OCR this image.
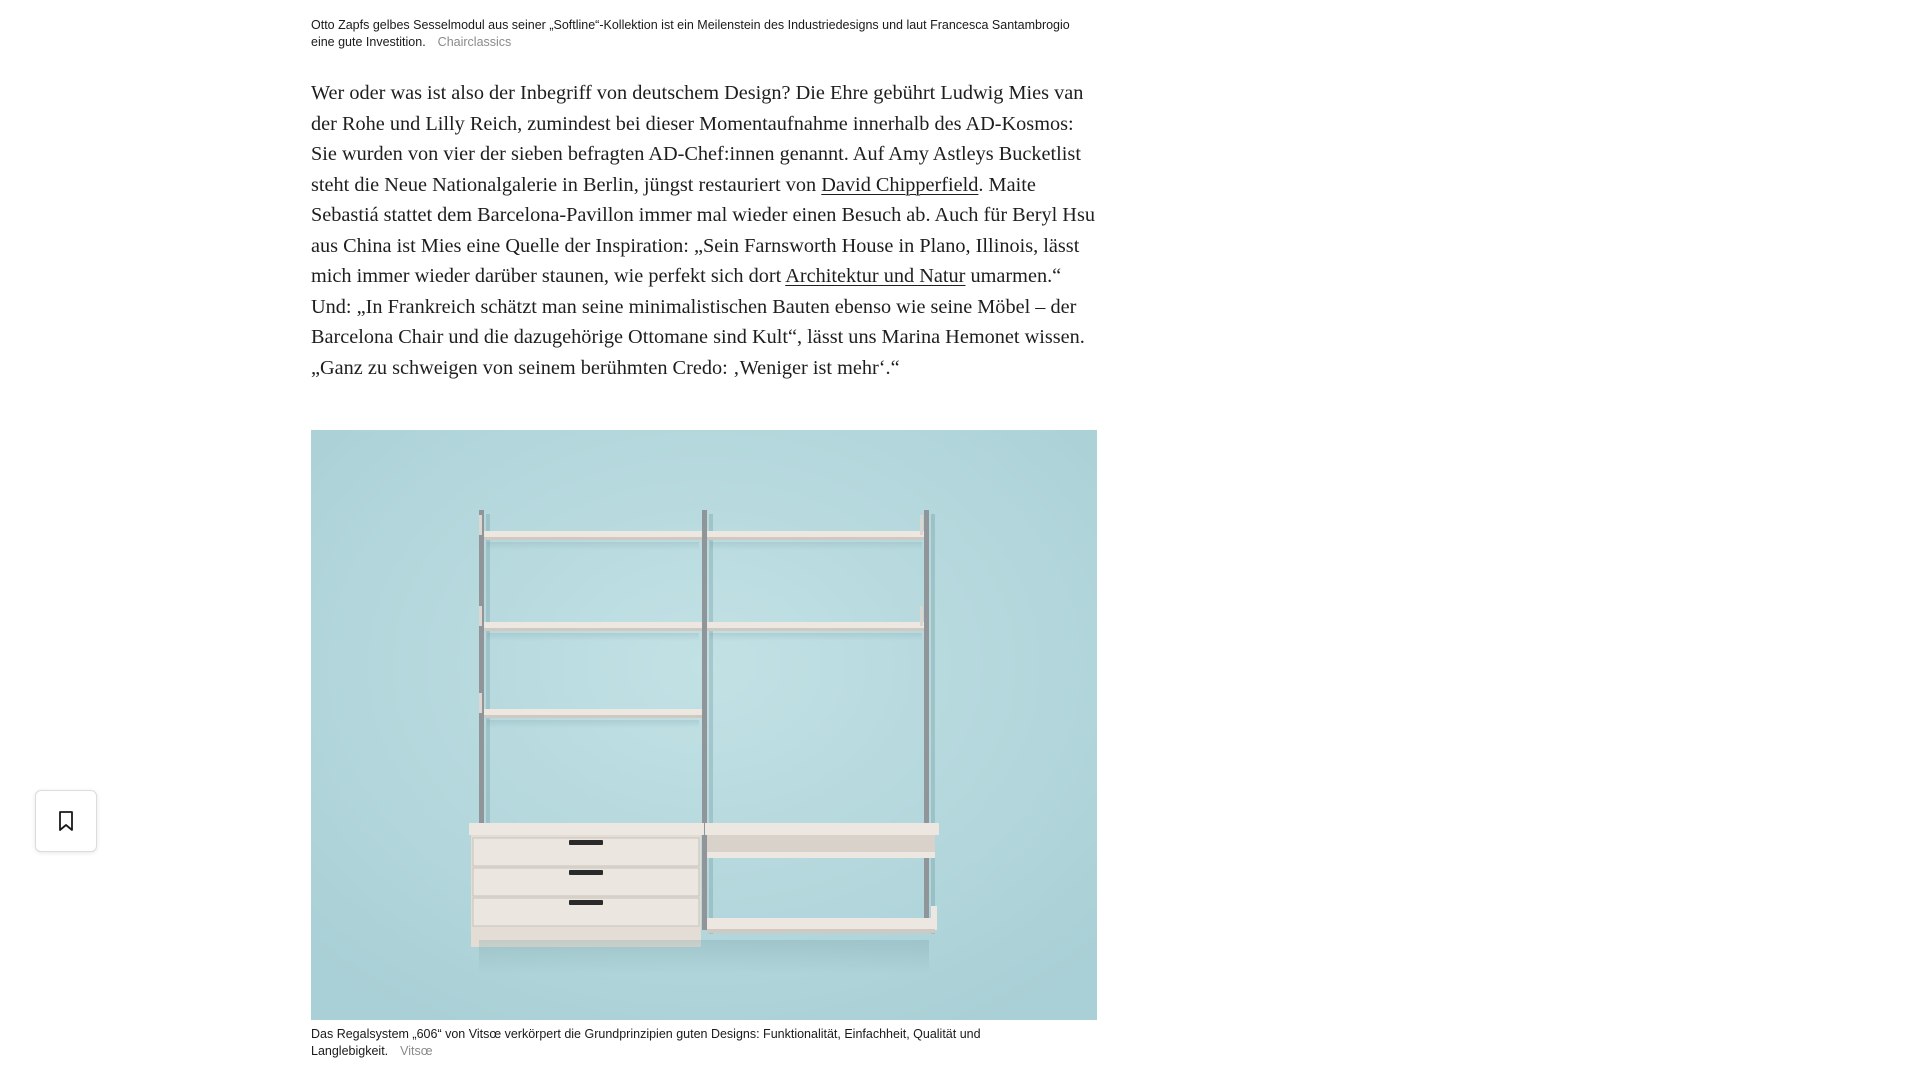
Otto Zapfs gelbes Sesselmodul aus seiner „Softline“-Kollektion ist ein Meilenstein des Industriedesigns und laut Francesca Santambrogio eine gute Investition. Chairclassics

Wer oder was ist also der Inbegriff von deutschem Design? Die Ehre gebührt Ludwig Mies van der Rohe und Lilly Reich, zumindest bei dieser Momentaufnahme innerhalb des AD-Kosmos: Sie wurden von vier der sieben befragten AD-Chef:innen genannt. Auf Amy Astleys Bucketlist steht die Neue Nationalgalerie in Berlin, jüngst restauriert von David Chipperfield. Maite Sebastiá stattet dem Barcelona-Pavillon immer mal wieder einen Besuch ab. Auch für Beryl Hsu aus China ist Mies eine Quelle der Inspiration: „Sein Farnsworth House in Plano, Illinois, lässt mich immer wieder darüber staunen, wie perfekt sich dort Architektur und Natur umarmen.“ Und: „In Frankreich schätzt man seine minimalistischen Bauten ebenso wie seine Möbel – der Barcelona Chair und die dazugehörige Ottomane sind Kult“, lässt uns Marina Hemonet wissen. „Ganz zu schweigen von seinem berühmten Credo: ‚Weniger ist mehr‘.“

Das Regalsystem „606“ von Vitsœ verkörpert die Grundprinzipien guten Designs: Funktionalität, Einfachheit, Qualität und Langlebigkeit. Vitsœ
